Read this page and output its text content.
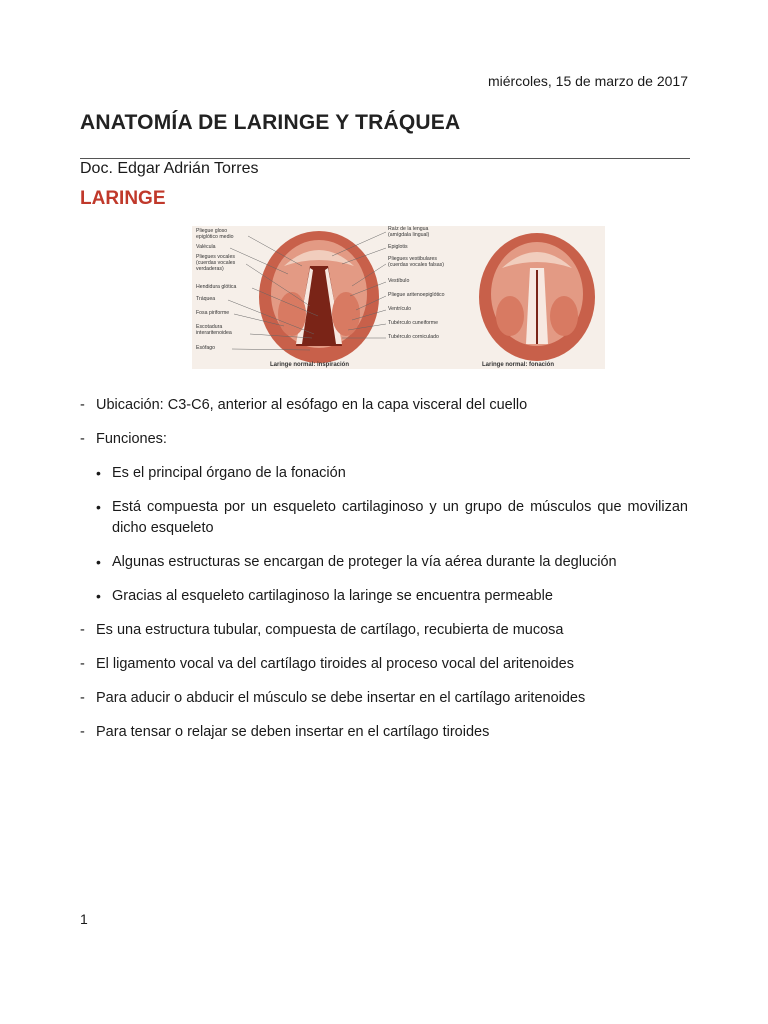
miércoles, 15 de marzo de 2017
ANATOMÍA DE LARINGE Y TRÁQUEA
Doc. Edgar Adrián Torres
LARINGE
Pliegue gloso
epiglótico medio
Valécula
Pliegues vocales
(cuerdas vocales
verdaderas)
Hendidura glótica
Tráquea
Fosa piriforme
Escotadura
interaritenoidea
Esófago
Raíz de la lengua
(amígdala lingual)
Epiglotis
Pliegues vestibulares
(cuerdas vocales falsas)
Vestíbulo
Pliegue aritenoepiglótico
Ventrículo
Tubérculo cuneiforme
Tubérculo corniculado
Laringe normal: inspiración	Laringe normal: fonación
- Ubicación: C3-C6, anterior al esófago en la capa visceral del cuello
- Funciones:
• Es el principal órgano de la fonación
• Está compuesta por un esqueleto cartilaginoso y un grupo de músculos que movilizan dicho esqueleto
• Algunas estructuras se encargan de proteger la vía aérea durante la deglución
• Gracias al esqueleto cartilaginoso la laringe se encuentra permeable
- Es una estructura tubular, compuesta de cartílago, recubierta de mucosa
- El ligamento vocal va del cartílago tiroides al proceso vocal del aritenoides
- Para aducir o abducir el músculo se debe insertar en el cartílago aritenoides
- Para tensar o relajar se deben insertar en el cartílago tiroides
1
